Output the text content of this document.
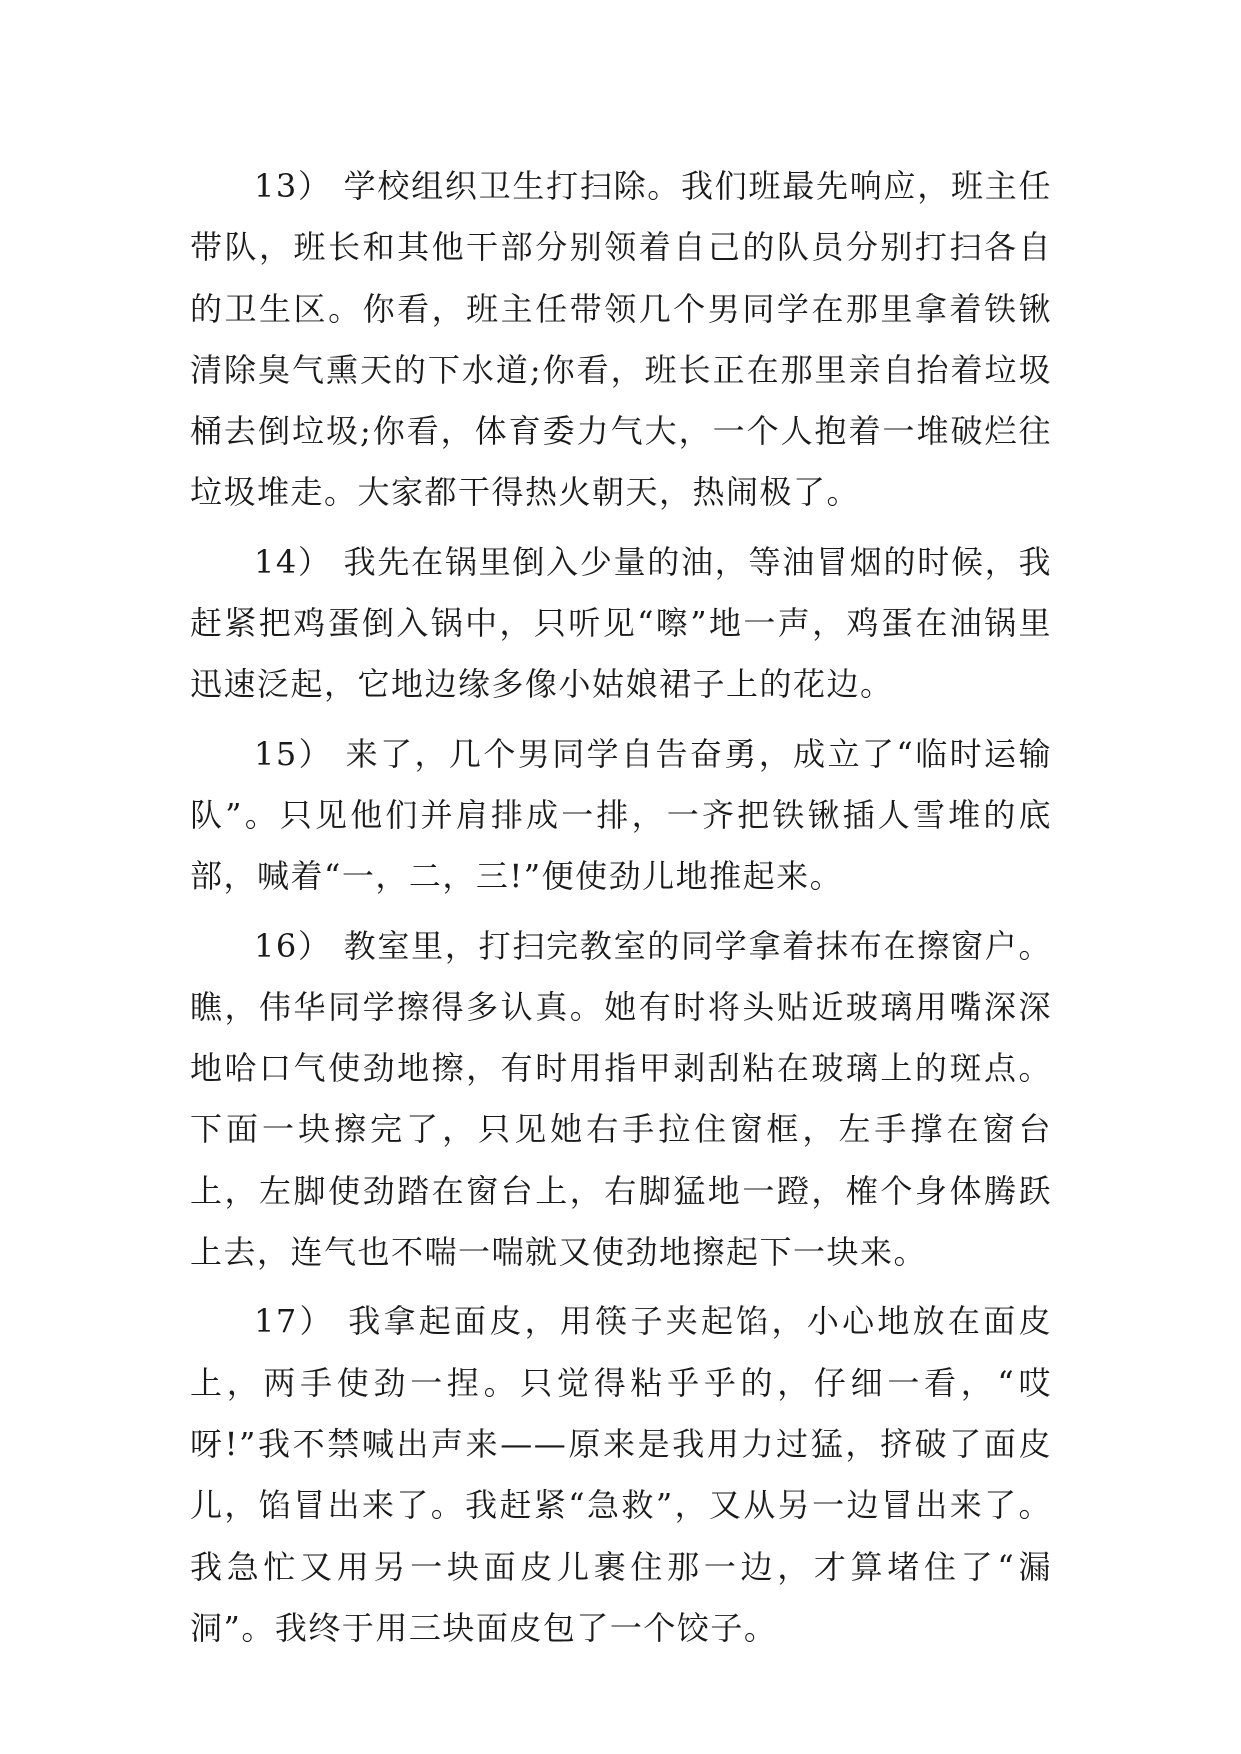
13） 学校组织卫生打扫除。我们班最先响应，班主任带队，班长和其他干部分别领着自己的队员分别打扫各自的卫生区。你看，班主任带领几个男同学在那里拿着铁锹清除臭气熏天的下水道;你看，班长正在那里亲自抬着垃圾桶去倒垃圾;你看，体育委力气大，一个人抱着一堆破烂往垃圾堆走。大家都干得热火朝天，热闹极了。

14） 我先在锅里倒入少量的油，等油冒烟的时候，我赶紧把鸡蛋倒入锅中，只听见“嚓”地一声，鸡蛋在油锅里迅速泛起，它地边缘多像小姑娘裙子上的花边。

15） 来了，几个男同学自告奋勇，成立了“临时运输队”。只见他们并肩排成一排，一齐把铁锹插人雪堆的底部，喊着“一，二，三!”便使劲儿地推起来。

16） 教室里，打扫完教室的同学拿着抹布在擦窗户。瞧，伟华同学擦得多认真。她有时将头贴近玻璃用嘴深深地哈口气使劲地擦，有时用指甲剥刮粘在玻璃上的斑点。下面一块擦完了，只见她右手拉住窗框，左手撑在窗台上，左脚使劲踏在窗台上，右脚猛地一蹬，榷个身体腾跃上去，连气也不喘一喘就又使劲地擦起下一块来。

17） 我拿起面皮，用筷子夹起馅，小心地放在面皮上，两手使劲一捏。只觉得粘乎乎的，仔细一看，“哎呀!”我不禁喊出声来——原来是我用力过猛，挤破了面皮儿，馅冒出来了。我赶紧“急救”，又从另一边冒出来了。我急忙又用另一块面皮儿裹住那一边，才算堵住了“漏洞”。我终于用三块面皮包了一个饺子。
